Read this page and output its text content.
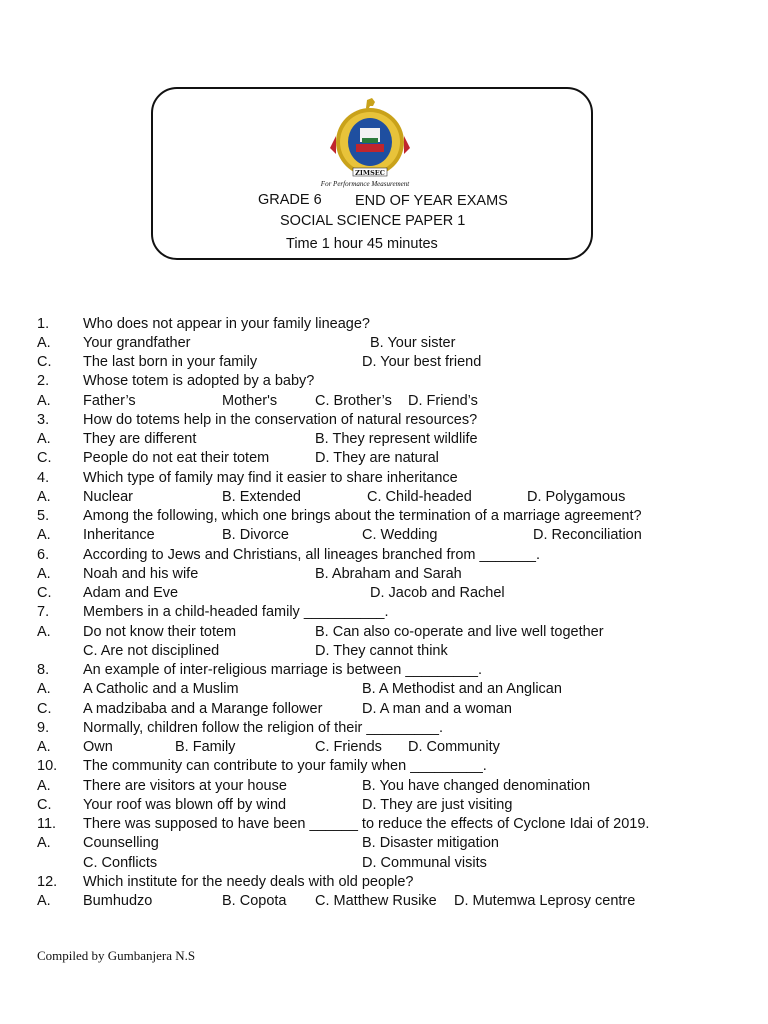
ZIMSEC
For Performance Measurement
GRADE 6 END OF YEAR EXAMS
SOCIAL SCIENCE PAPER 1
Time 1 hour 45 minutes
1. Who does not appear in your family lineage?
A. Your grandfather	B. Your sister
C. The last born in your family	D. Your best friend
2. Whose totem is adopted by a baby?
A. Father’s	Mother's	C. Brother’s D. Friend’s
3. How do totems help in the conservation of natural resources?
A. They are different	B. They represent wildlife
C. People do not eat their totem	D. They are natural
4. Which type of family may find it easier to share inheritance
A. Nuclear	B. Extended	C. Child-headed	D. Polygamous
5. Among the following, which one brings about the termination of a marriage agreement?
A. Inheritance	B. Divorce	C. Wedding	D. Reconciliation
6. According to Jews and Christians, all lineages branched from _______.
A. Noah and his wife	B. Abraham and Sarah
C. Adam and Eve	D. Jacob and Rachel
7. Members in a child-headed family __________.
A. Do not know their totem	B. Can also co-operate and live well together
C. Are not disciplined	D. They cannot think
8. An example of inter-religious marriage is between _________.
A. A Catholic and a Muslim	B. A Methodist and an Anglican
C. A madzibaba and a Marange follower	D. A man and a woman
9. Normally, children follow the religion of their _________.
A. Own	B. Family	C. Friends D. Community
10. The community can contribute to your family when _________.
A. There are visitors at your house	B. You have changed denomination
C. Your roof was blown off by wind	D. They are just visiting
11. There was supposed to have been ______ to reduce the effects of Cyclone Idai of 2019.
A. Counselling	B. Disaster mitigation
C. Conflicts	D. Communal visits
12. Which institute for the needy deals with old people?
A. Bumhudzo	B. Copota C. Matthew Rusike D. Mutemwa Leprosy centre
Compiled by Gumbanjera N.S
